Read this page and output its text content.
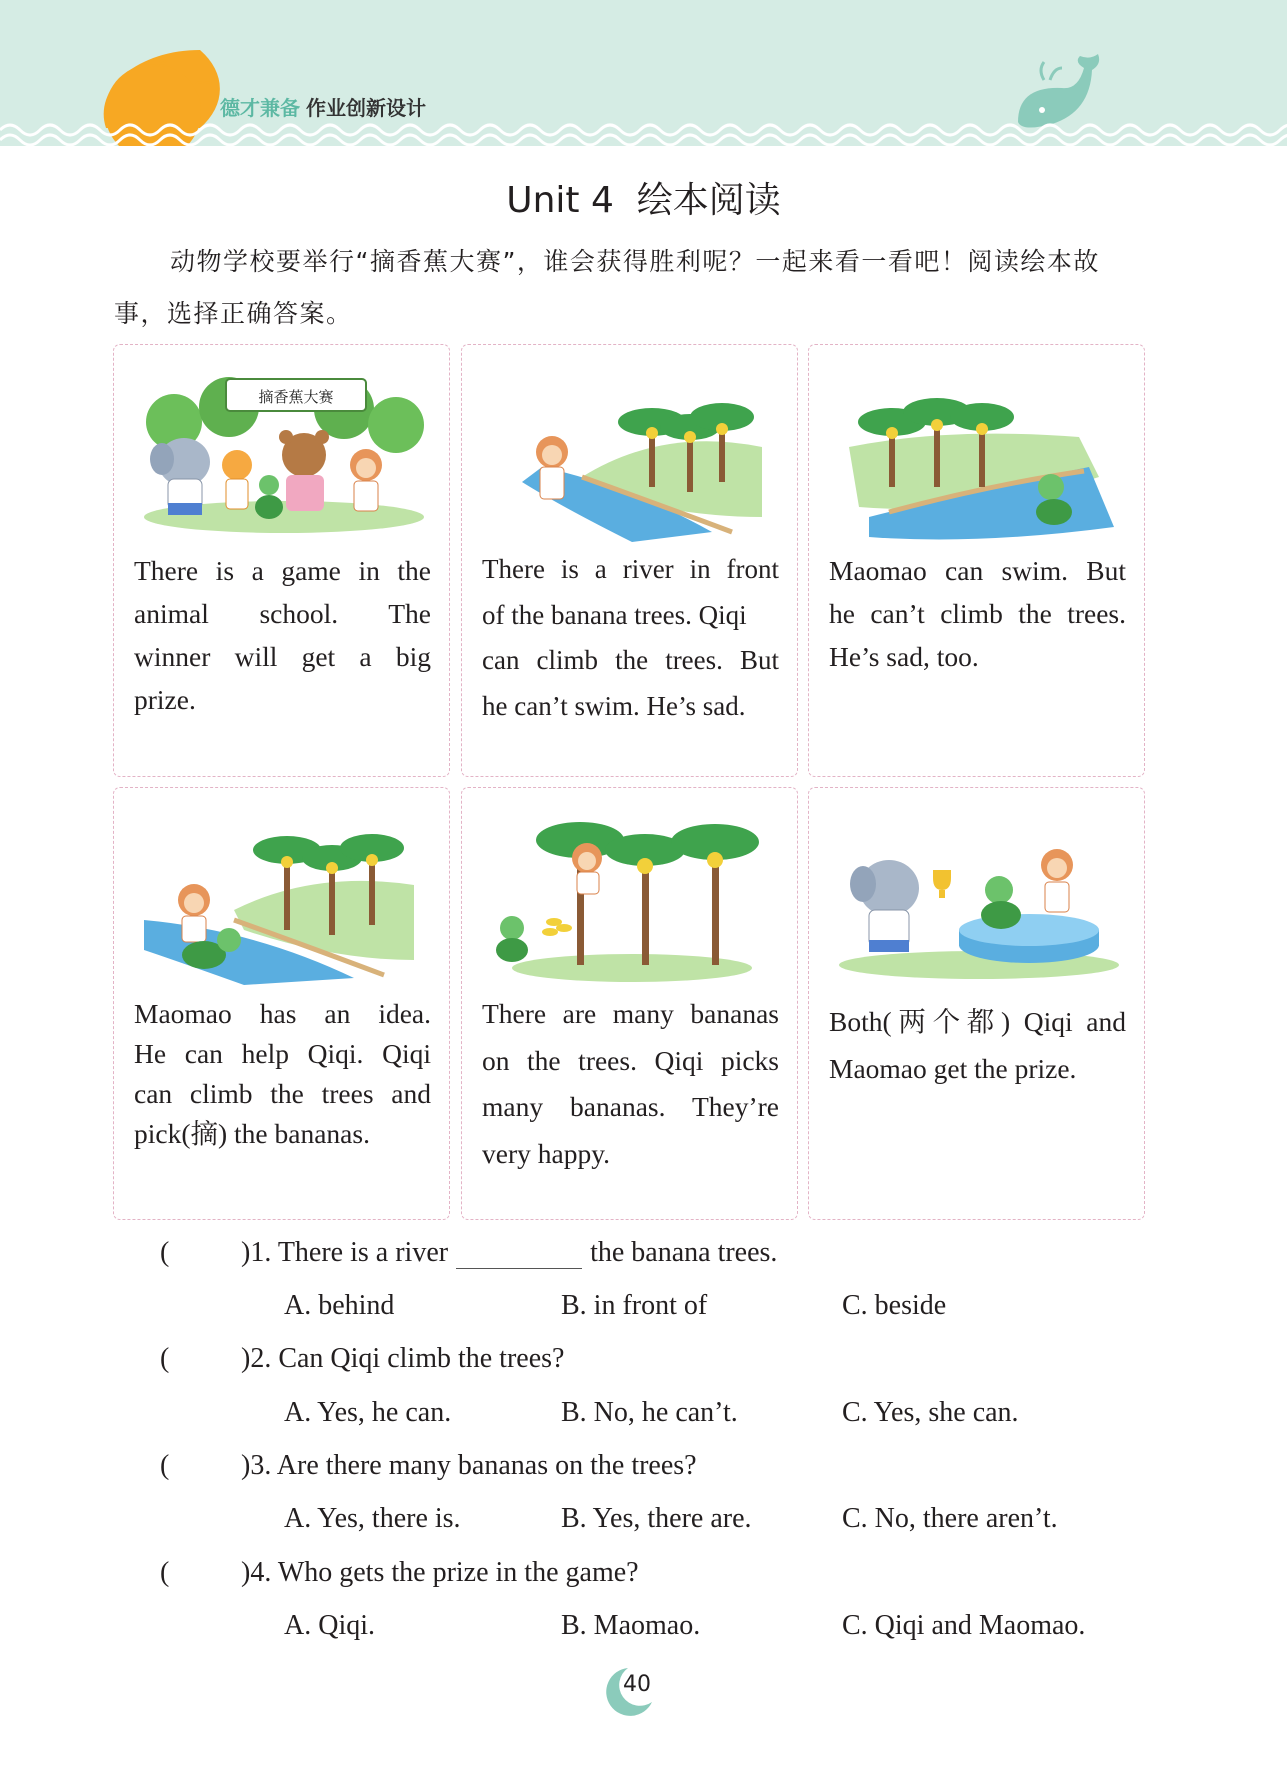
德才兼备 作业创新设计
Unit 4  绘本阅读
动物学校要举行“摘香蕉大赛”，谁会获得胜利呢？一起来看一看吧！阅读绘本故事，选择正确答案。
摘香蕉大赛
There is a game in the
animal school. The
winner will get a big
prize.
There is a river in front
of the banana trees. Qiqi
can climb the trees. But
he can’t swim. He’s sad.
Maomao can swim. But
he can’t climb the trees.
He’s sad, too.
Maomao has an idea.
He can help Qiqi. Qiqi
can climb the trees and
pick(摘) the bananas.
There are many bananas
on the trees. Qiqi picks
many bananas. They’re
very happy.
Both(两个都) Qiqi and
Maomao get the prize.
(	)1. There is a river	the banana trees.
A. behind	B. in front of	C. beside
(	)2. Can Qiqi climb the trees?
A. Yes, he can.	B. No, he can’t.	C. Yes, she can.
(	)3. Are there many bananas on the trees?
A. Yes, there is.	B. Yes, there are.	C. No, there aren’t.
(	)4. Who gets the prize in the game?
A. Qiqi.	B. Maomao.	C. Qiqi and Maomao.
40
